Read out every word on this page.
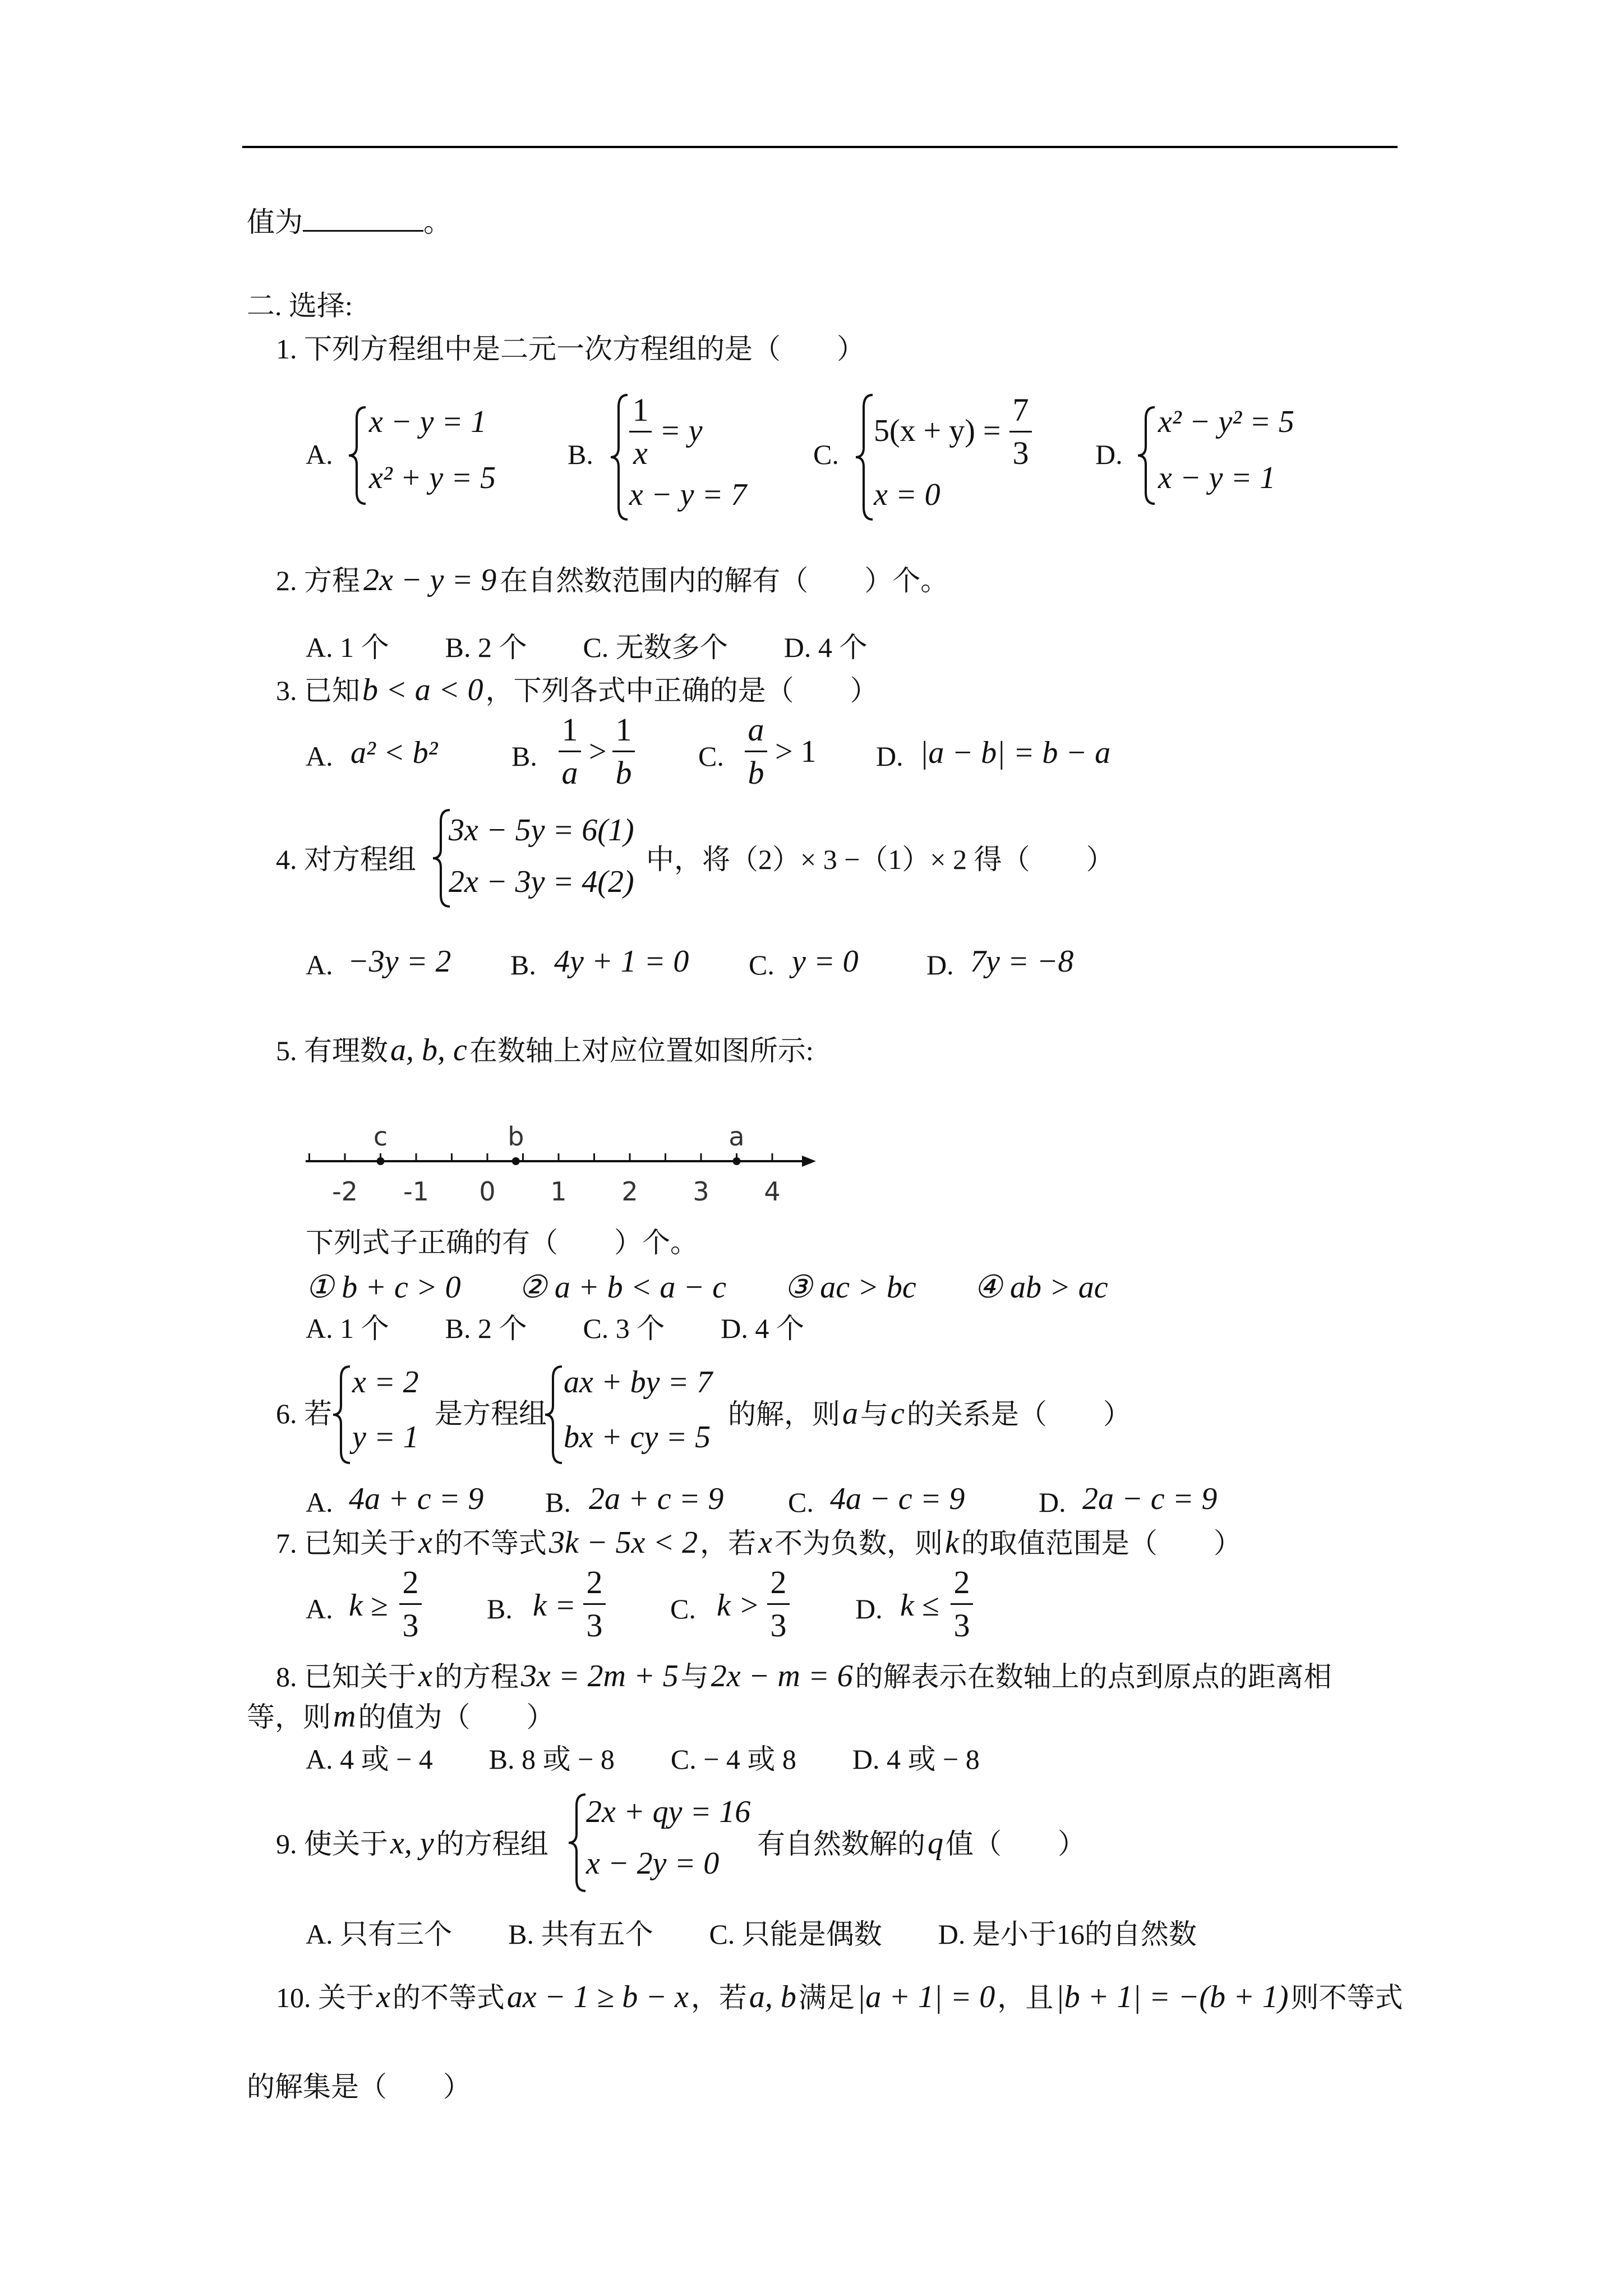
值为	。
二. 选择:
1. 下列方程组中是二元一次方程组的是（　　）
A.
x − y = 1
x² + y = 5
B.
1
x
= y
x − y = 7
C.
5(x + y) =
7
3
x = 0
D.
x² − y² = 5
x − y = 1
2. 方程 2x − y = 9 在自然数范围内的解有（　　）个。
A. 1 个　　B. 2 个　　C. 无数多个　　D. 4 个
3. 已知b < a < 0，下列各式中正确的是（　　）
A. a² < b²	B.
1
a
>
1
b C.
a
b
> 1 D. |a − b| = b − a
4. 对方程组
3x − 5y = 6(1)
2x − 3y = 4(2)
中，将（2）× 3 −（1）× 2 得（　　）
A. −3y = 2 B. 4y + 1 = 0 C. y = 0 D. 7y = −8
5. 有理数a, b, c在数轴上对应位置如图所示:
-2 -1 0 1 2 3 4
c	b	a
下列式子正确的有（　　）个。
① b + c > 0 ② a + b < a − c ③ ac > bc ④ ab > ac
A. 1 个　　B. 2 个　　C. 3 个　　D. 4 个
6. 若
x = 2
y = 1
是方程组
ax + by = 7
bx + cy = 5
的解，则a与c的关系是（　　）
A. 4a + c = 9 B. 2a + c = 9 C. 4a − c = 9	D. 2a − c = 9
7. 已知关于x的不等式3k − 5x < 2，若x不为负数，则k的取值范围是（　　）
A. k ≥
2
3 B. k =
2
3 C. k >
2
3 D. k ≤
2
3
8. 已知关于x的方程3x = 2m + 5与2x − m = 6的解表示在数轴上的点到原点的距离相
等，则m的值为（　　）
A. 4 或 − 4　　B. 8 或 − 8　　C. − 4 或 8　　D. 4 或 − 8
9. 使关于x, y的方程组
2x + qy = 16
x − 2y = 0
有自然数解的q值（　　）
A. 只有三个　　B. 共有五个　　C. 只能是偶数　　D. 是小于16的自然数
10. 关于x的不等式ax − 1 ≥ b − x，若a, b满足|a + 1| = 0，且|b + 1| = −(b + 1)则不等式
的解集是（　　）
